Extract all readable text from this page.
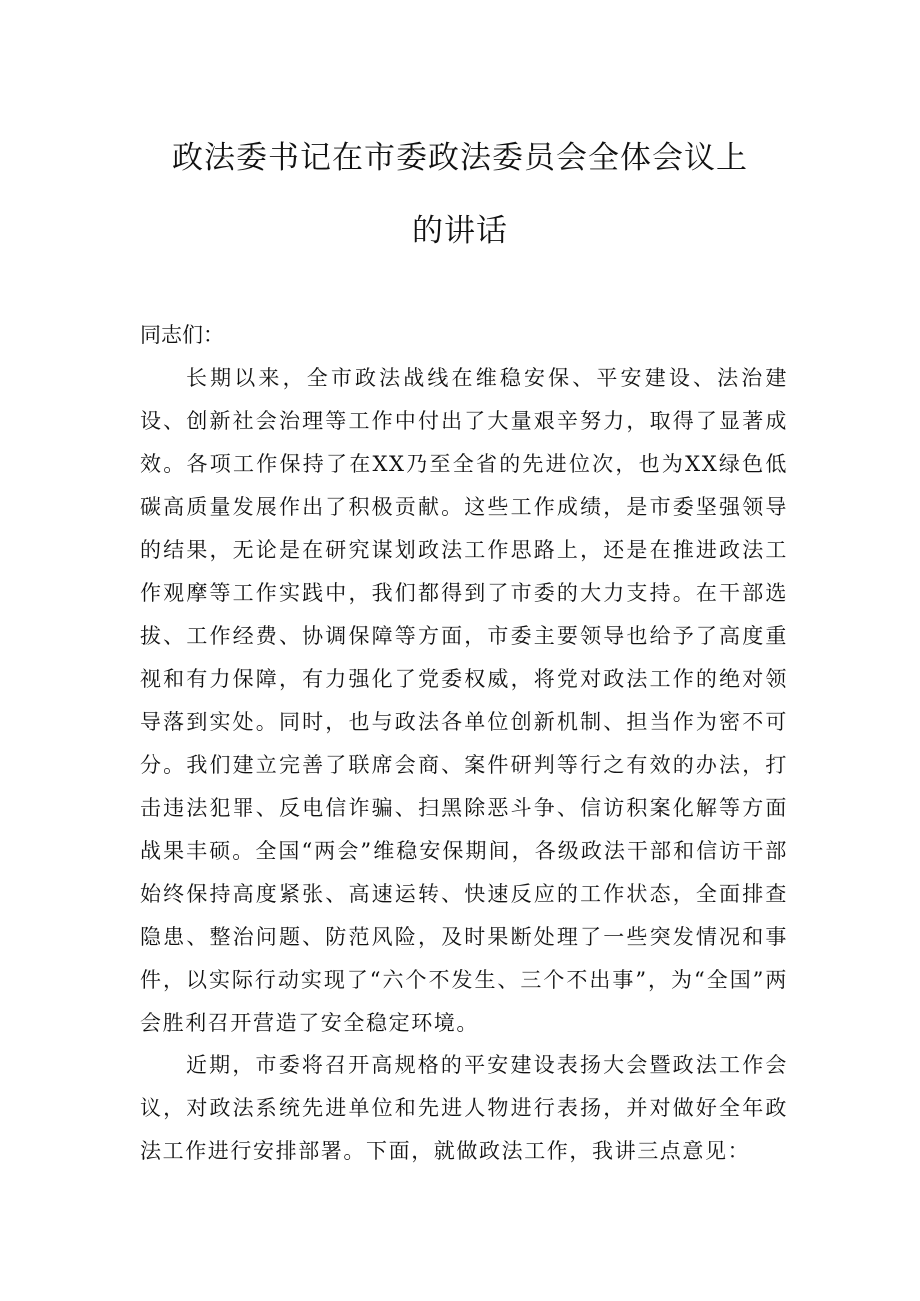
政法委书记在市委政法委员会全体会议上
的讲话

同志们：

长期以来，全市政法战线在维稳安保、平安建设、法治建设、创新社会治理等工作中付出了大量艰辛努力，取得了显著成效。各项工作保持了在XX乃至全省的先进位次，也为XX绿色低碳高质量发展作出了积极贡献。这些工作成绩，是市委坚强领导的结果，无论是在研究谋划政法工作思路上，还是在推进政法工作观摩等工作实践中，我们都得到了市委的大力支持。在干部选拔、工作经费、协调保障等方面，市委主要领导也给予了高度重视和有力保障，有力强化了党委权威，将党对政法工作的绝对领导落到实处。同时，也与政法各单位创新机制、担当作为密不可分。我们建立完善了联席会商、案件研判等行之有效的办法，打击违法犯罪、反电信诈骗、扫黑除恶斗争、信访积案化解等方面战果丰硕。全国“两会”维稳安保期间，各级政法干部和信访干部始终保持高度紧张、高速运转、快速反应的工作状态，全面排查隐患、整治问题、防范风险，及时果断处理了一些突发情况和事件，以实际行动实现了“六个不发生、三个不出事”，为“全国”两会胜利召开营造了安全稳定环境。

近期，市委将召开高规格的平安建设表扬大会暨政法工作会议，对政法系统先进单位和先进人物进行表扬，并对做好全年政法工作进行安排部署。下面，就做政法工作，我讲三点意见：
